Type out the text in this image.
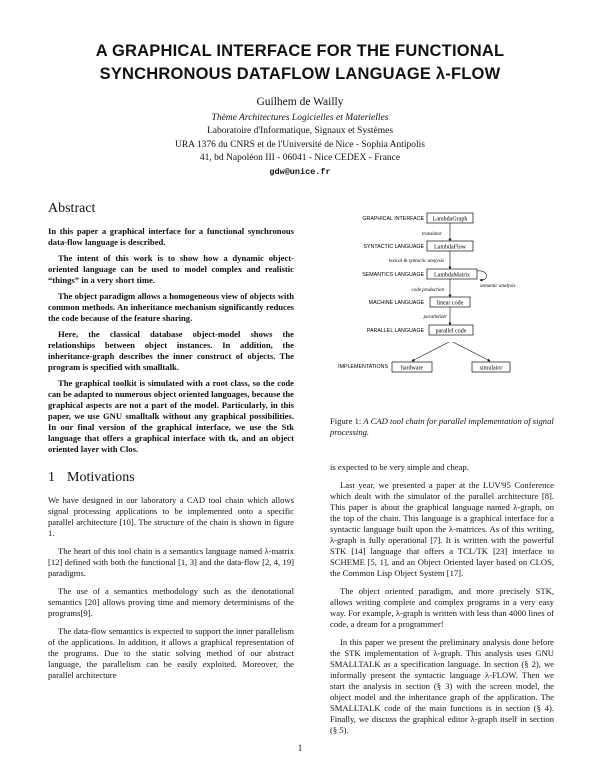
A GRAPHICAL INTERFACE FOR THE FUNCTIONAL
SYNCHRONOUS DATAFLOW LANGUAGE λ-FLOW
Guilhem de Wailly
Thème Architectures Logicielles et Materielles
Laboratoire d'Informatique, Signaux et Systèmes
URA 1376 du CNRS et de l'Université de Nice - Sophia Antipolis
41, bd Napoléon III - 06041 - Nice CEDEX - France
gdw@unice.fr
Abstract

In this paper a graphical interface for a functional synchronous data-flow language is described.

The intent of this work is to show how a dynamic object-oriented language can be used to model complex and realistic “things” in a very short time.

The object paradigm allows a homogeneous view of objects with common methods. An inheritance mechanism significantly reduces the code because of the feature sharing.

Here, the classical database object-model shows the relationships between object instances. In addition, the inheritance-graph describes the inner construct of objects. The program is specified with smalltalk.

The graphical toolkit is simulated with a root class, so the code can be adapted to numerous object oriented languages, because the graphical aspects are not a part of the model. Particularly, in this paper, we use GNU smalltalk without any graphical possibilities. In our final version of the graphical interface, we use the Stk language that offers a graphical interface with tk, and an object oriented layer with Clos.

1 Motivations

We have designed in our laboratory a CAD tool chain which allows signal processing applications to be implemented onto a specific parallel architecture [10]. The structure of the chain is shown in figure 1.

The heart of this tool chain is a semantics language named λ-matrix [12] defined with both the functional [1, 3] and the data-flow [2, 4, 19] paradigms.

The use of a semantics methodology such as the denotational semantics [20] allows proving time and memory determinisms of the programs[9].

The data-flow semantics is expected to support the inner parallelism of the applications. In addition, it allows a graphical representation of the programs. Due to the static solving method of our abstract language, the parallelism can be easily exploited. Moreover, the parallel architecture

GRAPHICAL INTERFACE
SYNTACTIC LANGUAGE
SEMANTICS LANGUAGE
MACHINE LANGUAGE
PARALLEL LANGUAGE
LambdaGraph
LambdaFlow
LambdaMatrix
linear code
parallel code
translator
lexical & syntactic analysis
semantic analysis
code production
parallelizer
IMPLEMENTATIONS hardware	simulator
Figure 1: A CAD tool chain for parallel implementation of signal processing.

is expected to be very simple and cheap.

Last year, we presented a paper at the LUV'95 Conference which dealt with the simulator of the parallel architecture [8]. This paper is about the graphical language named λ-graph, on the top of the chain. This language is a graphical interface for a syntactic language built upon the λ-matrices. As of this writing, λ-graph is fully operational [7]. It is written with the powerful STK [14] language that offers a TCL/TK [23] interface to SCHEME [5, 1], and an Object Oriented layer based on CLOS, the Common Lisp Object System [17].

The object oriented paradigm, and more precisely STK, allows writing complete and complex programs in a very easy way. For example, λ-graph is written with less than 4000 lines of code, a dream for a programmer!

In this paper we present the preliminary analysis done before the STK implementation of λ-graph. This analysis uses GNU SMALLTALK as a specification language. In section (§ 2), we informally present the syntactic language λ-FLOW. Then we start the analysis in section (§ 3) with the screen model, the object model and the inheritance graph of the application. The SMALLTALK code of the main functions is in section (§ 4). Finally, we discuss the graphical editor λ-graph itself in section (§ 5).

1
